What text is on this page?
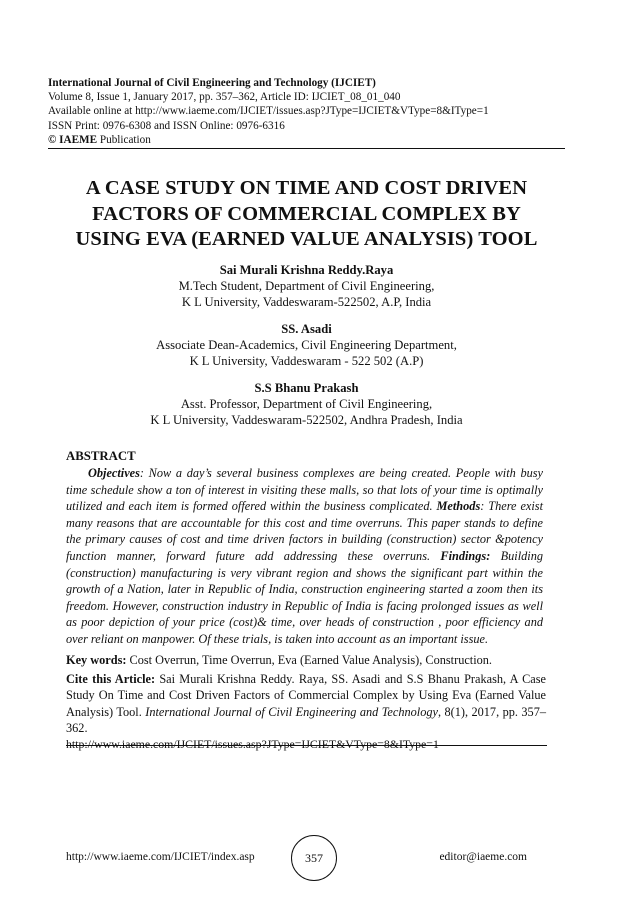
International Journal of Civil Engineering and Technology (IJCIET)
Volume 8, Issue 1, January 2017, pp. 357–362, Article ID: IJCIET_08_01_040
Available online at http://www.iaeme.com/IJCIET/issues.asp?JType=IJCIET&VType=8&IType=1
ISSN Print: 0976-6308 and ISSN Online: 0976-6316
© IAEME Publication
A CASE STUDY ON TIME AND COST DRIVEN
FACTORS OF COMMERCIAL COMPLEX BY
USING EVA (EARNED VALUE ANALYSIS) TOOL
Sai Murali Krishna Reddy.Raya
M.Tech Student, Department of Civil Engineering,
K L University, Vaddeswaram-522502, A.P, India
SS. Asadi
Associate Dean-Academics, Civil Engineering Department,
K L University, Vaddeswaram - 522 502 (A.P)
S.S Bhanu Prakash
Asst. Professor, Department of Civil Engineering,
K L University, Vaddeswaram-522502, Andhra Pradesh, India
ABSTRACT

Objectives: Now a day’s several business complexes are being created. People with busy time schedule show a ton of interest in visiting these malls, so that lots of your time is optimally utilized and each item is formed offered within the business complicated. Methods: There exist many reasons that are accountable for this cost and time overruns. This paper stands to define the primary causes of cost and time driven factors in building (construction) sector &potency function manner, forward future add addressing these overruns. Findings: Building (construction) manufacturing is very vibrant region and shows the significant part within the growth of a Nation, later in Republic of India, construction engineering started a zoom then its freedom. However, construction industry in Republic of India is facing prolonged issues as well as poor depiction of your price (cost)& time, over heads of construction , poor efficiency and over reliant on manpower. Of these trials, is taken into account as an important issue.

Key words: Cost Overrun, Time Overrun, Eva (Earned Value Analysis), Construction.
Cite this Article: Sai Murali Krishna Reddy. Raya, SS. Asadi and S.S Bhanu Prakash, A Case Study On Time and Cost Driven Factors of Commercial Complex by Using Eva (Earned Value Analysis) Tool. International Journal of Civil Engineering and Technology, 8(1), 2017, pp. 357–362.
http://www.iaeme.com/IJCIET/issues.asp?JType=IJCIET&VType=8&IType=1
http://www.iaeme.com/IJCIET/index.asp	357	editor@iaeme.com
